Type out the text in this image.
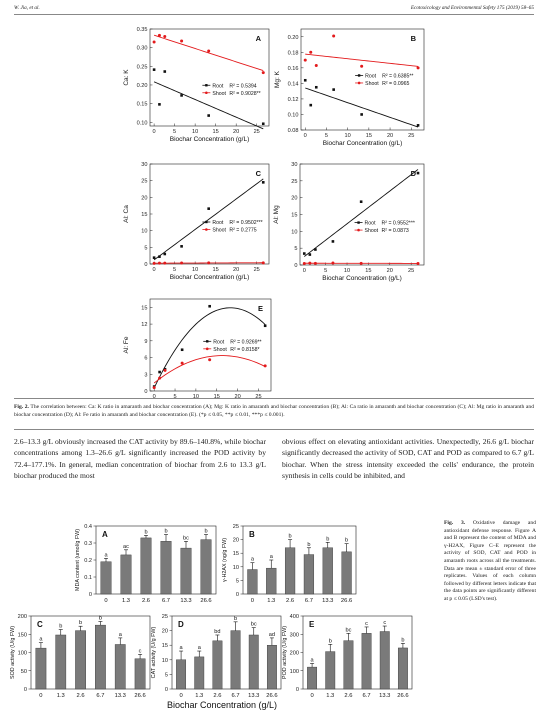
W. Jia, et al.	Ecotoxicology and Environmental Safety 175 (2019) 58–65
0	5	10	15	20	25
0.10
0.15
0.20
0.25
0.30
0.35
A
Ca: K
Biochar Concentration (g/L)
Root R² = 0.5394
Shoot R² = 0.9028**
0	5	10	15	20	25
0.08
0.10
0.12
0.14
0.16
0.18
0.20	B
Mg: K
Biochar Concentration (g/L)
Root R² = 0.6385**
Shoot R² = 0.0965
0	5	10	15	20	25
0
5
10
15
20
25
30
C
Al: Ca
Biochar Concentration (g/L)
Root R² = 0.9502***
Shoot R² = 0.2775
0	5	10	15	20	25
0
5
10
15
20
25
30
D
Al: Mg
Biochar Concentration (g/L)
Root R² = 0.9552***
Shoot R² = 0.0873
0	5	10	15	20	25
0
3
6
9
12
15	E
Al: Fe	Root R² = 0.9269**
Shoot R² = 0.8158*
Fig. 2. The correlation between: Ca: K ratio in amaranth and biochar concentration (A); Mg: K ratio in amaranth and biochar concentration (B); Al: Ca ratio in amaranth and biochar concentration (C); Al: Mg ratio in amaranth and biochar concentration (D); Al: Fe ratio in amaranth and biochar concentration (E). (*p ≤ 0.05, **p ≤ 0.01, ***p ≤ 0.001).
2.6–13.3 g/L obviously increased the CAT activity by 89.6–140.8%, while biochar concentrations among 1.3–26.6 g/L significantly increased the POD activity by 72.4–177.1%. In general, median concentration of biochar from 2.6 to 13.3 g/L biochar produced the most
obvious effect on elevating antioxidant activities. Unexpectedly, 26.6 g/L biochar significantly decreased the activity of SOD, CAT and POD as compared to 6.7 g/L biochar. When the stress intensity exceeded the cells' endurance, the protein synthesis in cells could be inhibited, and
0
0.1
0.2
0.3
0.4
MDA content (umol/g FW)	A
a
0
ac
1.3
b
2.6
b
6.7
bc
13.3
b
26.6
0
5
10
15
20
25
γ-H2AX (ng/g FW)
B
a
0
a
1.3
b
2.6
b
6.7
b
13.3
b
26.6
0
50
100
150
200
SOD activity (U/g FW)
C
a
0
b
1.3
b
2.6
b
6.7
a
13.3
c
26.6
0
5
10
15
20
25
CAT activity (U/g FW)
D
a
0
a
1.3
bd
2.6
b
6.7
bc
13.3
ad
26.6
0
100
200
300
400
POD activity (U/g FW)
E
a
0
b
1.3
bc
2.6
c
6.7
c
13.3
b
26.6
Biochar Concentration (g/L)
Fig. 3. Oxidative damage and antioxidant defense response. Figure A and B represent the content of MDA and γ-H2AX, Figure C–E represent the activity of SOD, CAT and POD in amaranth roots across all the treatments. Data are mean ± standard error of three replicates. Values of each column followed by different letters indicate that the data points are significantly different at p ≤ 0.05 (LSD's test).
